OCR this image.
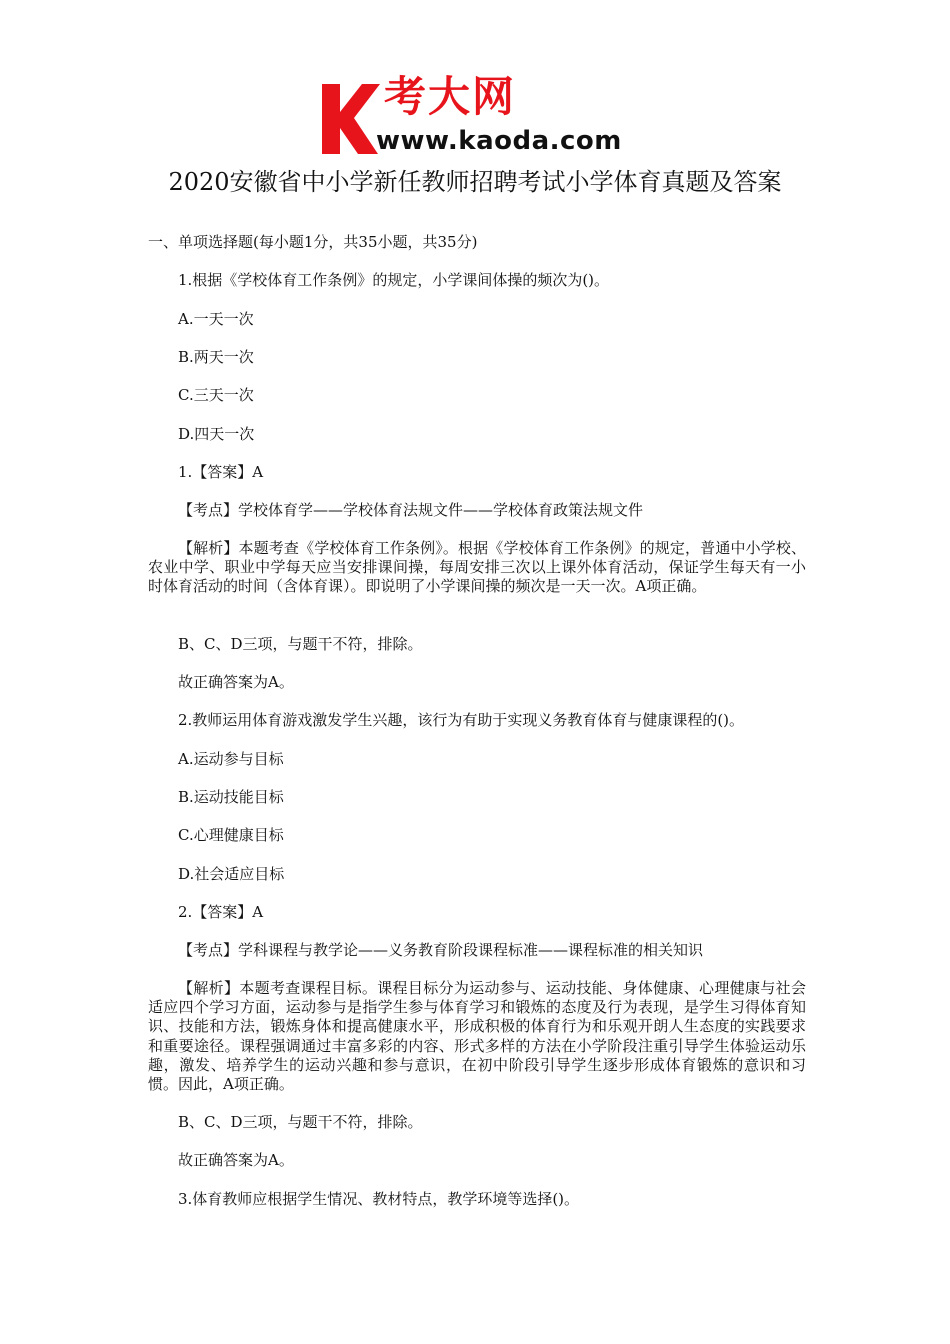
考大网
www.kaoda.com
2020安徽省中小学新任教师招聘考试小学体育真题及答案
一、单项选择题(每小题1分，共35小题，共35分)
1.根据《学校体育工作条例》的规定，小学课间体操的频次为()。
A.一天一次
B.两天一次
C.三天一次
D.四天一次
1.【答案】A
【考点】学校体育学——学校体育法规文件——学校体育政策法规文件
【解析】本题考查《学校体育工作条例》。根据《学校体育工作条例》的规定，普通中小学校、农业中学、职业中学每天应当安排课间操，每周安排三次以上课外体育活动，保证学生每天有一小时体育活动的时间（含体育课）。即说明了小学课间操的频次是一天一次。A项正确。
B、C、D三项，与题干不符，排除。
故正确答案为A。
2.教师运用体育游戏激发学生兴趣，该行为有助于实现义务教育体育与健康课程的()。
A.运动参与目标
B.运动技能目标
C.心理健康目标
D.社会适应目标
2.【答案】A
【考点】学科课程与教学论——义务教育阶段课程标准——课程标准的相关知识
【解析】本题考查课程目标。课程目标分为运动参与、运动技能、身体健康、心理健康与社会适应四个学习方面，运动参与是指学生参与体育学习和锻炼的态度及行为表现，是学生习得体育知识、技能和方法，锻炼身体和提高健康水平，形成积极的体育行为和乐观开朗人生态度的实践要求和重要途径。课程强调通过丰富多彩的内容、形式多样的方法在小学阶段注重引导学生体验运动乐趣，激发、培养学生的运动兴趣和参与意识，在初中阶段引导学生逐步形成体育锻炼的意识和习惯。因此，A项正确。
B、C、D三项，与题干不符，排除。
故正确答案为A。
3.体育教师应根据学生情况、教材特点，教学环境等选择()。
